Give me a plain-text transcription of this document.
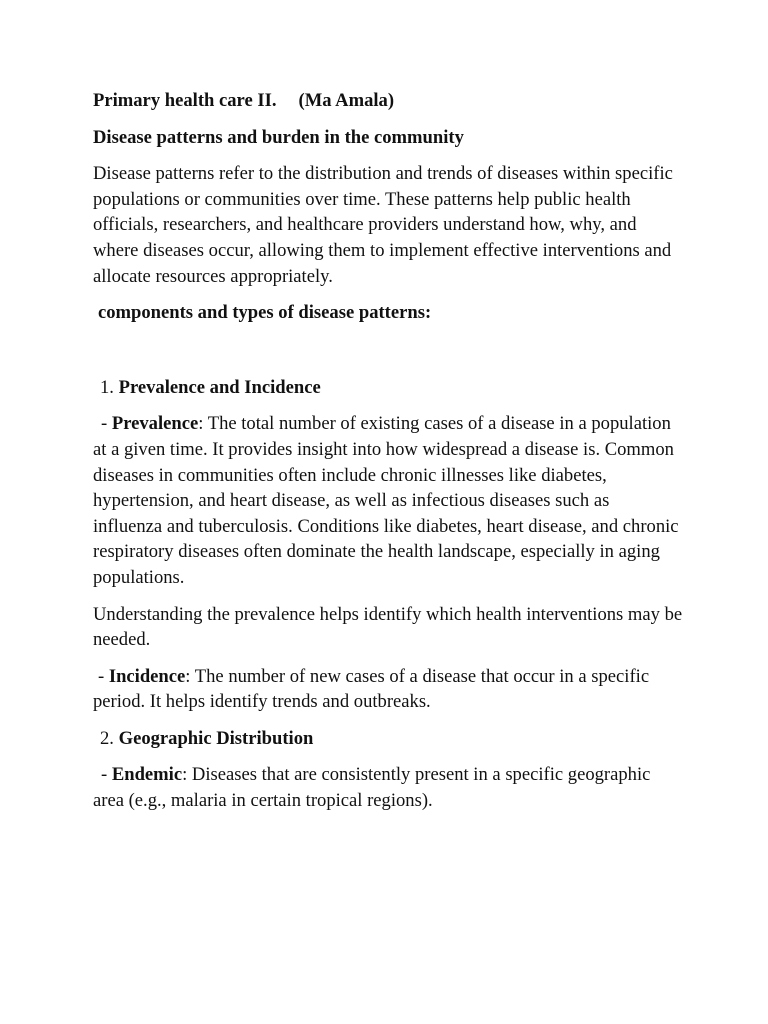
Primary health care II. (Ma Amala)

Disease patterns and burden in the community

Disease patterns refer to the distribution and trends of diseases within specific populations or communities over time. These patterns help public health officials, researchers, and healthcare providers understand how, why, and where diseases occur, allowing them to implement effective interventions and allocate resources appropriately.

components and types of disease patterns:

1. Prevalence and Incidence

- Prevalence: The total number of existing cases of a disease in a population at a given time. It provides insight into how widespread a disease is. Common diseases in communities often include chronic illnesses like diabetes, hypertension, and heart disease, as well as infectious diseases such as influenza and tuberculosis. Conditions like diabetes, heart disease, and chronic respiratory diseases often dominate the health landscape, especially in aging populations.

Understanding the prevalence helps identify which health interventions may be needed.

- Incidence: The number of new cases of a disease that occur in a specific period. It helps identify trends and outbreaks.

2. Geographic Distribution

- Endemic: Diseases that are consistently present in a specific geographic area (e.g., malaria in certain tropical regions).
